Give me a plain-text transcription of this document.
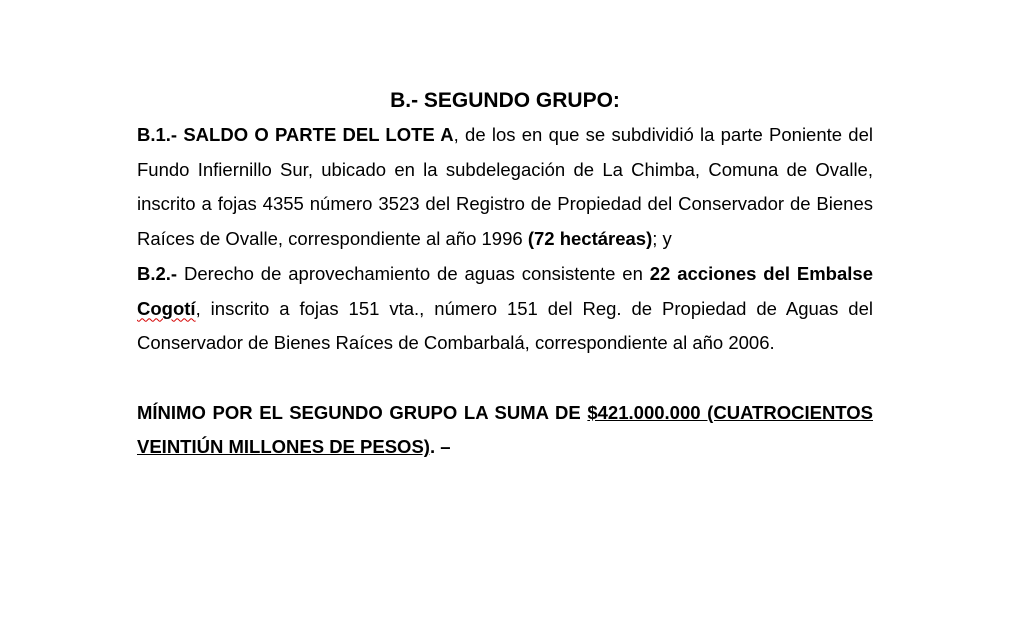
B.- SEGUNDO GRUPO:

B.1.- SALDO O PARTE DEL LOTE A, de los en que se subdividió la parte Poniente del Fundo Infiernillo Sur, ubicado en la subdelegación de La Chimba, Comuna de Ovalle, inscrito a fojas 4355 número 3523 del Registro de Propiedad del Conservador de Bienes Raíces de Ovalle, correspondiente al año 1996 (72 hectáreas); y

B.2.- Derecho de aprovechamiento de aguas consistente en 22 acciones del Embalse Cogotí, inscrito a fojas 151 vta., número 151 del Reg. de Propiedad de Aguas del Conservador de Bienes Raíces de Combarbalá, correspondiente al año 2006.

MÍNIMO POR EL SEGUNDO GRUPO LA SUMA DE $421.000.000 (CUATROCIENTOS VEINTIÚN MILLONES DE PESOS). –
